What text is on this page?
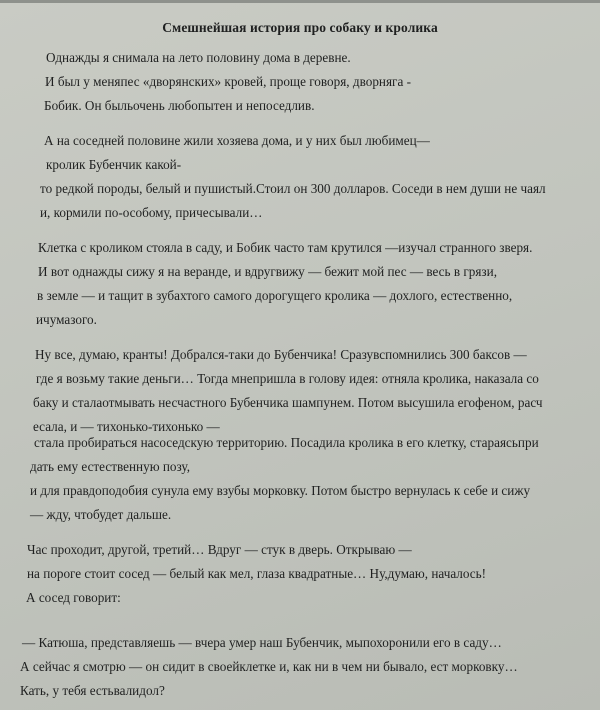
Смешнейшая история про собаку и кролика
Однажды я снимала на лето половину дома в деревне.
И был у меняпес «дворянских» кровей, проще говоря, дворняга -
Бобик. Он быльочень любопытен и непоседлив.
А на соседней половине жили хозяева дома, и у них был любимец—
кролик Бубенчик какой-
то редкой породы, белый и пушистый.Стоил он 300 долларов. Соседи в нем души не чаял
и, кормили по-особому, причесывали…
Клетка с кроликом стояла в саду, и Бобик часто там крутился —изучал странного зверя.
И вот однажды сижу я на веранде, и вдругвижу — бежит мой пес — весь в грязи,
в земле — и тащит в зубахтого самого дорогущего кролика — дохлого, естественно,
ичумазого.
Ну все, думаю, кранты! Добрался-таки до Бубенчика! Сразувспомнились 300 баксов —
где я возьму такие деньги… Тогда мнепришла в голову идея: отняла кролика, наказала со
баку и сталаотмывать несчастного Бубенчика шампунем. Потом высушила егофеном, расч
есала, и — тихонько-тихонько —
стала пробираться насоседскую территорию. Посадила кролика в его клетку, стараясьпри
дать ему естественную позу,
и для правдоподобия сунула ему взубы морковку. Потом быстро вернулась к себе и сижу
— жду, чтобудет дальше.
Час проходит, другой, третий… Вдруг — стук в дверь. Открываю —
на пороге стоит сосед — белый как мел, глаза квадратные… Ну,думаю, началось!
А сосед говорит:
— Катюша, представляешь — вчера умер наш Бубенчик, мыпохоронили его в саду…
А сейчас я смотрю — он сидит в своейклетке и, как ни в чем ни бывало, ест морковку…
Кать, у тебя естьвалидол?
